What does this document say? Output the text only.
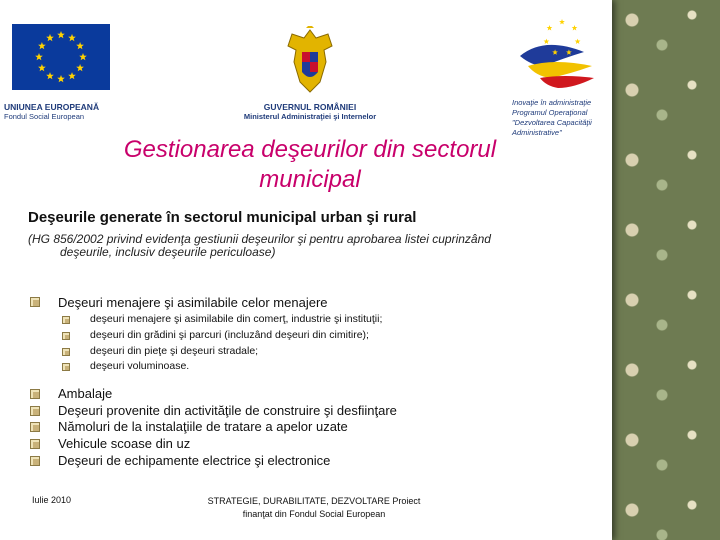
UNIUNEA EUROPEANĂ
Fondul Social European
GUVERNUL ROMÂNIEI
Ministerul Administraţiei şi Internelor
Inovaţie în administraţie
Programul Operaţional
"Dezvoltarea Capacităţii
Administrative"
Gestionarea deşeurilor din sectorul
municipal
Deşeurile generate în sectorul municipal urban şi rural
(HG 856/2002 privind evidenţa gestiunii deşeurilor şi pentru aprobarea listei cuprinzând
deşeurile, inclusiv deşeurile periculoase)
Deşeuri menajere şi asimilabile celor menajere
deşeuri menajere şi asimilabile din comerţ, industrie şi instituţii;
deşeuri din grădini şi parcuri (incluzând deşeuri din cimitire);
deşeuri din pieţe şi deşeuri stradale;
deşeuri voluminoase.
Ambalaje
Deşeuri provenite din activităţile de construire şi desfiinţare
Nămoluri de la instalaţiile de tratare a apelor uzate
Vehicule scoase din uz
Deşeuri de echipamente electrice şi electronice
Iulie 2010	STRATEGIE, DURABILITATE, DEZVOLTARE Proiect
finanţat din Fondul Social European
